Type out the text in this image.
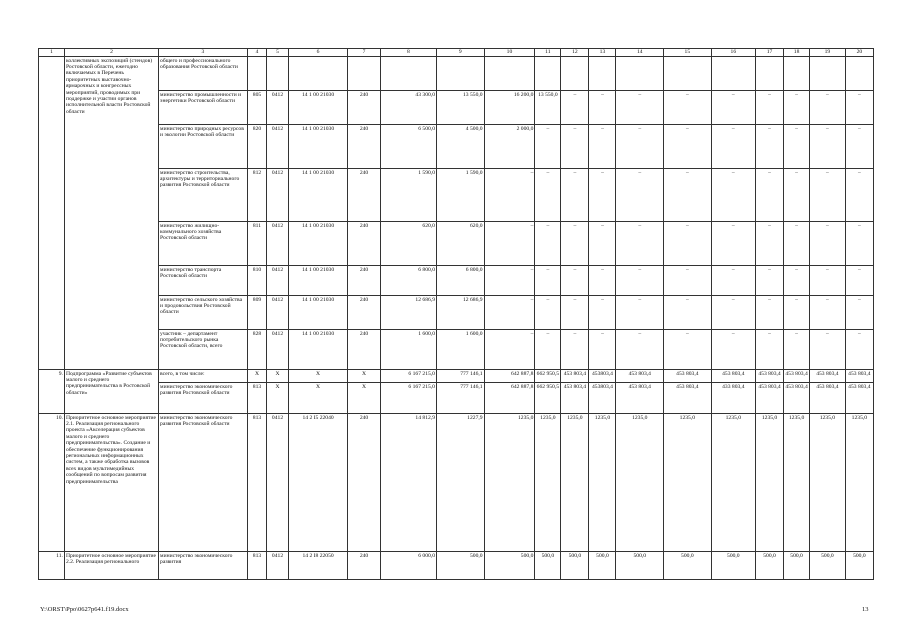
1	2	3	4	5	6	7	8	9	10	11	12	13	14	15	16	17	18	19	20
	коллективных экспозиций (стендов) Ростовской области, ежегодно включаемых в Перечень приоритетных выставочно-ярмарочных и конгрессных мероприятий, проводимых при поддержке и участии органов исполнительной власти Ростовской области	общего и профессионального образования Ростовской области																	
		министерство промышленности и энергетики Ростовской области	805	0412	14 1 00 21030	240	43 300,0	13 550,0	16 200,0	13 550,0	–	–	–	–	–	–	–	–	–
		министерство природных ресурсов и экологии Ростовской области	820	0412	14 1 00 21030	240	6 500,0	4 500,0	2 000,0	–	–	–	–	–	–	–	–	–	–
		министерство строительства, архитектуры и территориального развития Ростовской области	812	0412	14 1 00 21030	240	1 590,0	1 590,0	–	–	–	–	–	–	–	–	–	–	–
		министерство жилищно-коммунального хозяйства Ростовской области	811	0412	14 1 00 21030	240	620,0	620,0	–	–	–	–	–	–	–	–	–	–	–
		министерство транспорта Ростовской области	810	0412	14 1 00 21030	240	6 800,0	6 800,0	–	–	–	–	–	–	–	–	–	–	–
		министерство сельского хозяйства и продовольствия Ростовской области	809	0412	14 1 00 21030	240	12 686,9	12 686,9	–	–	–	–	–	–	–	–	–	–	–
		участник – департамент потребительского рынка Ростовской области, всего	828	0412	14 1 00 21030	240	1 600,0	1 600,0	–	–	–	–	–	–	–	–	–	–	–
9.	Подпрограмма «Развитие субъектов малого и среднего предпринимательства в Ростовской области»	всего, в том числе:	X	X	X	X	6 167 215,0	777 146,1	642 887,8	662 950,5	453 803,4	453803,4	453 803,4	453 803,4	453 803,4	453 803,4	453 803,4	453 803,4	453 803,4
		министерство экономического развития Ростовской области	813	X	X	X	6 167 215,0	777 146,1	642 887,8	662 950,5	453 803,4	453803,4	453 803,4	453 803,4	433 803,4	453 803,4	453 803,4	453 803,4	453 803,4
10.	Приоритетное основное мероприятие 2.1. Реализация регионального проекта «Акселерация субъектов малого и среднего предпринимательства». Создание и обеспечение функционирования региональных информационных систем, а также обработка вызовов всех видов мультимедийных сообщений по вопросам развития предпринимательства	министерство экономического развития Ростовской области	813	0412	14 2 I5 22040	240	14 812,9	1227,9	1235,0	1235,0	1235,0	1235,0	1235,0	1235,0	1235,0	1235,0	1235,0	1235,0	1235,0
11.	Приоритетное основное мероприятие 2.2. Реализация регионального	министерство экономического развития	813	0412	14 2 I8 22050	240	6 000,0	500,0	500,0	500,0	500,0	500,0	500,0	500,0	500,0	500,0	500,0	500,0	500,0
Y:\ORST\Ppo\0627p641.f19.docx	13
